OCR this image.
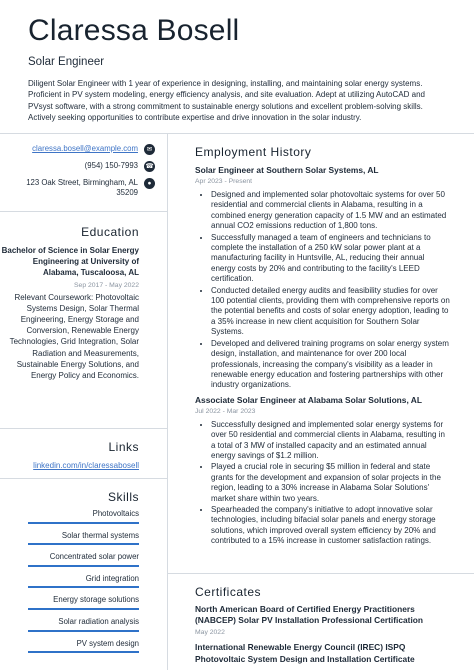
Claressa Bosell
Solar Engineer
Diligent Solar Engineer with 1 year of experience in designing, installing, and maintaining solar energy systems. Proficient in PV system modeling, energy efficiency analysis, and site evaluation. Adept at utilizing AutoCAD and PVsyst software, with a strong commitment to sustainable energy solutions and excellent problem-solving skills. Actively seeking opportunities to contribute expertise and drive innovation in the solar industry.
claressa.bosell@example.com	✉
(954) 150-7993 ☎
123 Oak Street, Birmingham, AL
35209
●
Education
Bachelor of Science in Solar Energy Engineering at University of Alabama, Tuscaloosa, AL
Sep 2017 - May 2022
Relevant Coursework: Photovoltaic Systems Design, Solar Thermal Engineering, Energy Storage and Conversion, Renewable Energy Technologies, Grid Integration, Solar Radiation and Measurements, Sustainable Energy Solutions, and Energy Policy and Economics.
Links
linkedin.com/in/claressabosell
Skills
Photovoltaics
Solar thermal systems
Concentrated solar power
Grid integration
Energy storage solutions
Solar radiation analysis
PV system design
Employment History
Solar Engineer at Southern Solar Systems, AL
Apr 2023 - Present
• Designed and implemented solar photovoltaic systems for over 50 residential and commercial clients in Alabama, resulting in a combined energy generation capacity of 1.5 MW and an estimated annual CO2 emissions reduction of 1,800 tons.
• Successfully managed a team of engineers and technicians to complete the installation of a 250 kW solar power plant at a manufacturing facility in Huntsville, AL, reducing their annual energy costs by 20% and contributing to the facility's LEED certification.
• Conducted detailed energy audits and feasibility studies for over 100 potential clients, providing them with comprehensive reports on the potential benefits and costs of solar energy adoption, leading to a 35% increase in new client acquisition for Southern Solar Systems.
• Developed and delivered training programs on solar energy system design, installation, and maintenance for over 200 local professionals, increasing the company's visibility as a leader in renewable energy education and fostering partnerships with other industry organizations.
Associate Solar Engineer at Alabama Solar Solutions, AL
Jul 2022 - Mar 2023
• Successfully designed and implemented solar energy systems for over 50 residential and commercial clients in Alabama, resulting in a total of 3 MW of installed capacity and an estimated annual energy savings of $1.2 million.
• Played a crucial role in securing $5 million in federal and state grants for the development and expansion of solar projects in the region, leading to a 30% increase in Alabama Solar Solutions' market share within two years.
• Spearheaded the company's initiative to adopt innovative solar technologies, including bifacial solar panels and energy storage solutions, which improved overall system efficiency by 20% and contributed to a 15% increase in customer satisfaction ratings.
Certificates
North American Board of Certified Energy Practitioners (NABCEP) Solar PV Installation Professional Certification
May 2022
International Renewable Energy Council (IREC) ISPQ Photovoltaic System Design and Installation Certificate
